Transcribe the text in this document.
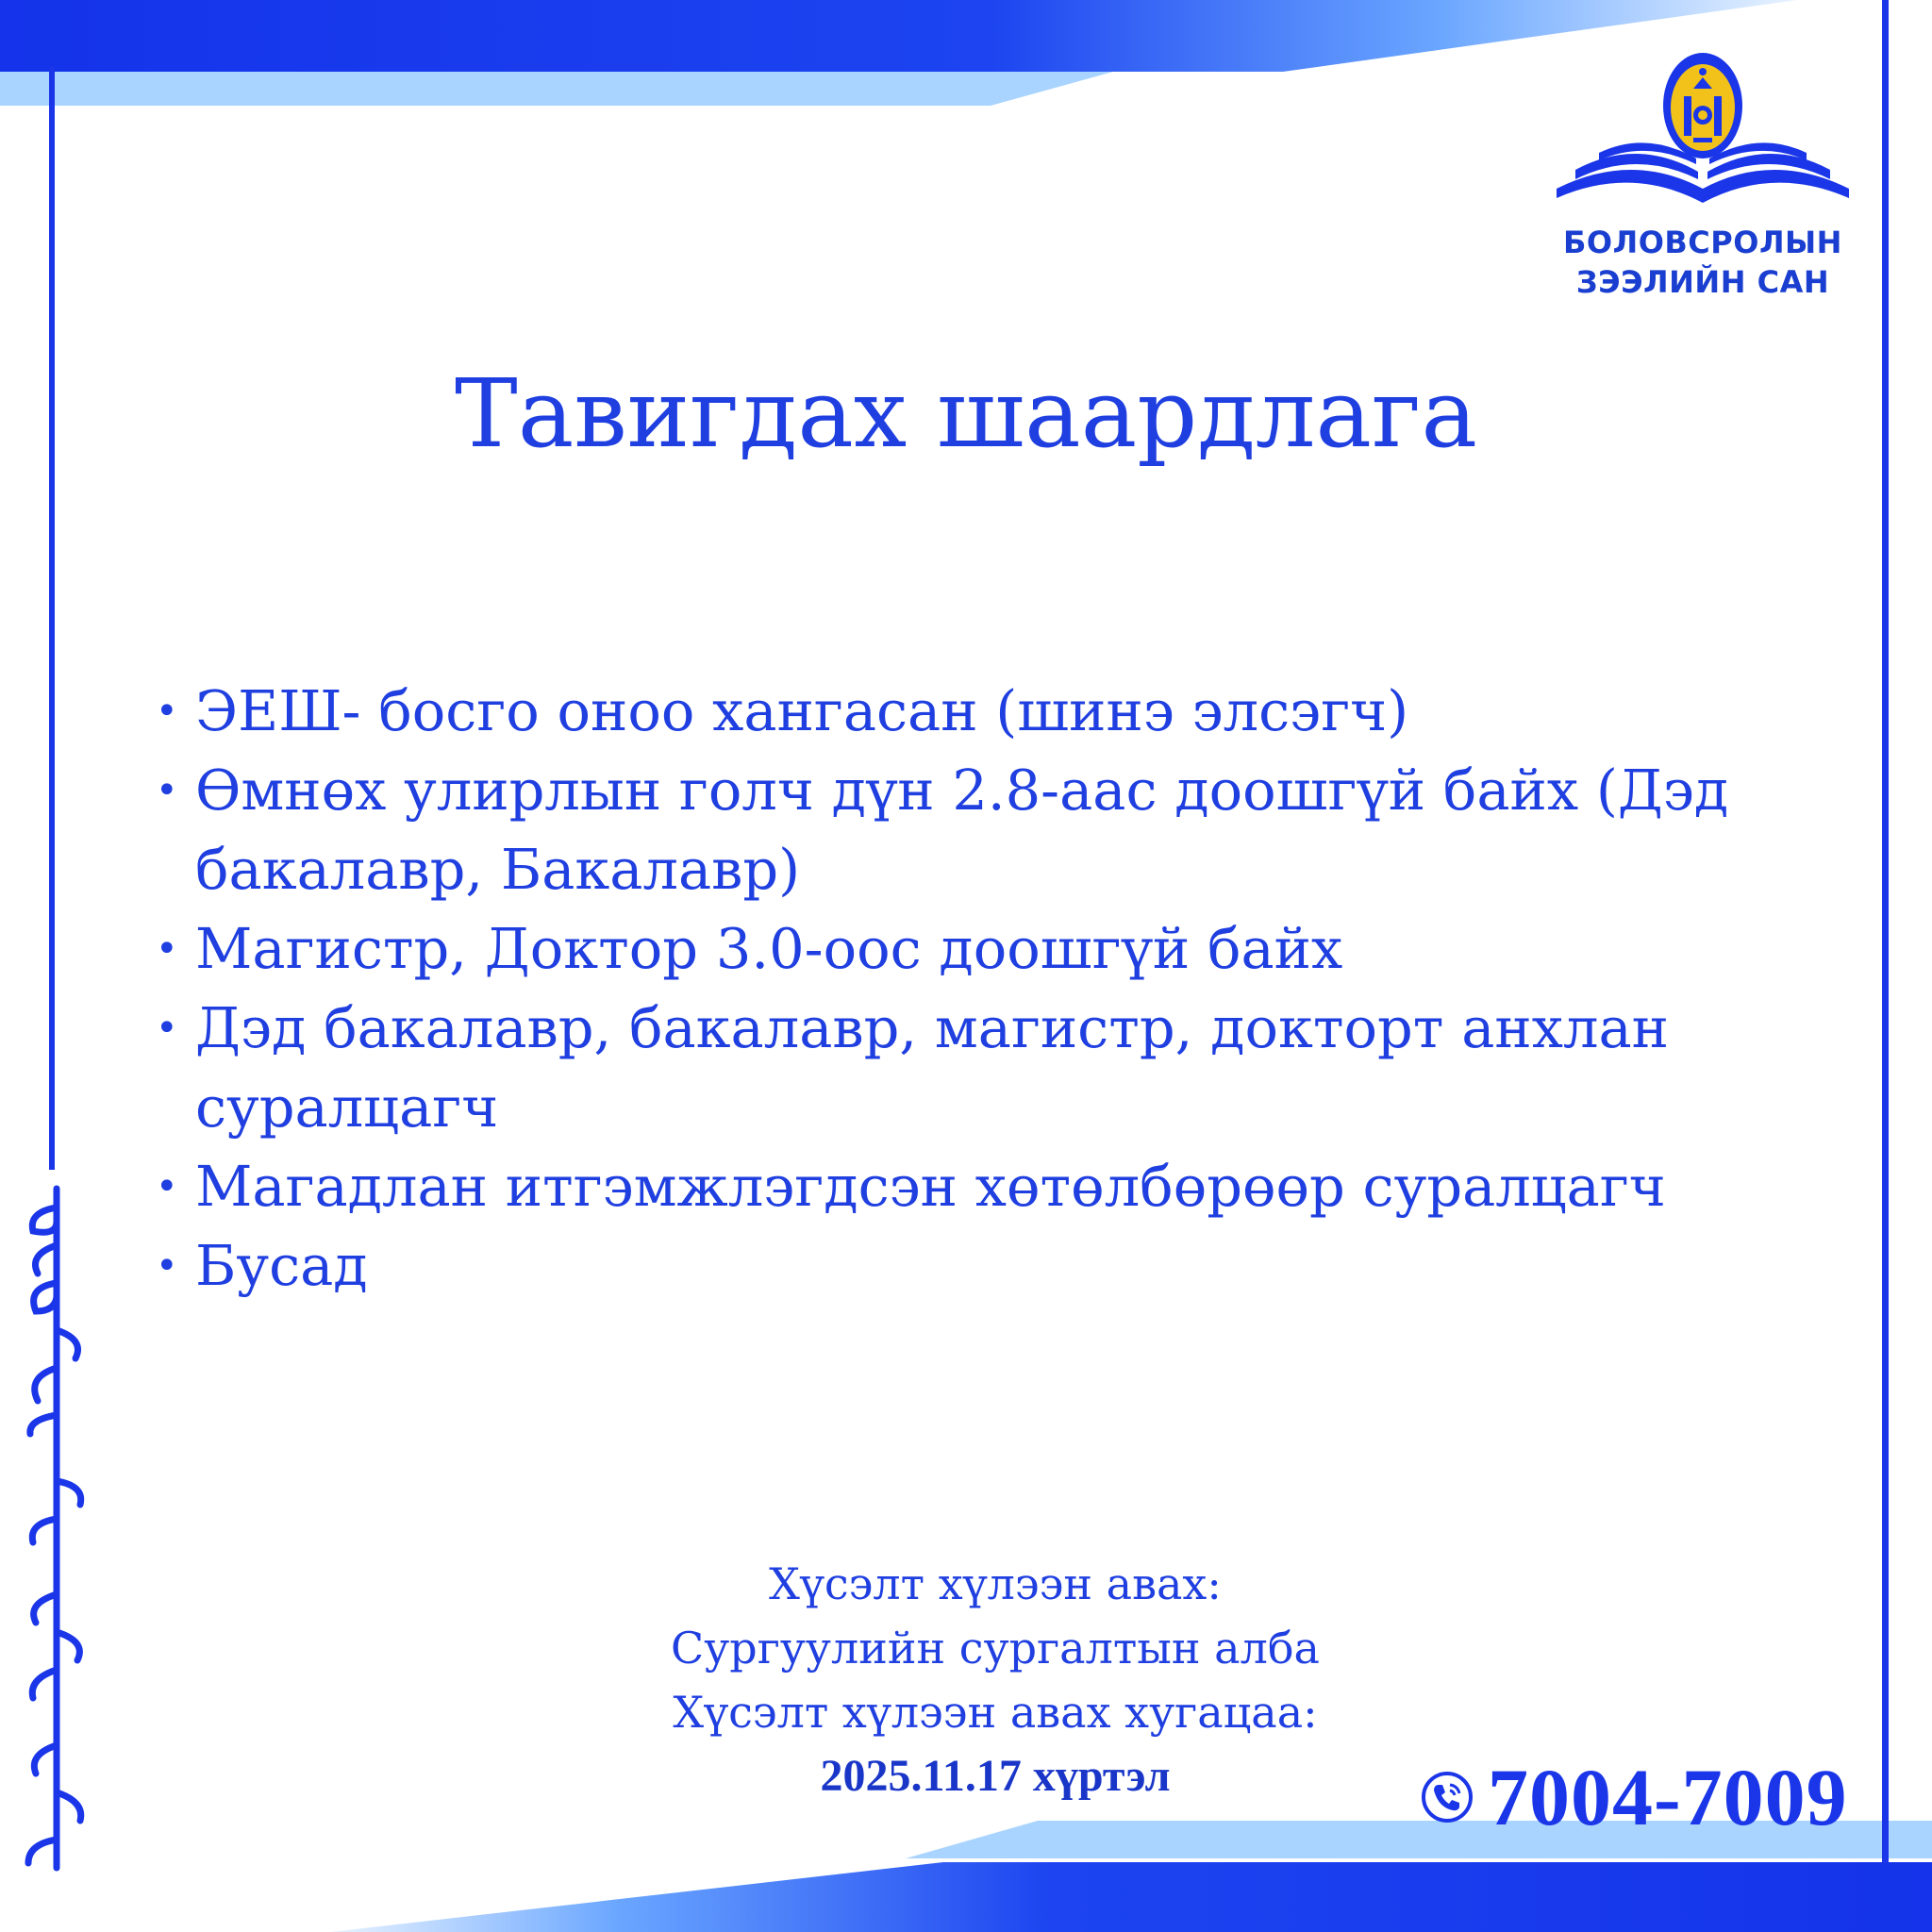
БОЛОВСРОЛЫН
ЗЭЭЛИЙН САН
Тавигдах шаардлага
• ЭЕШ- босго оноо хангасан (шинэ элсэгч)
• Өмнөх улирлын голч дүн 2.8-аас доошгүй байх (Дэд бакалавр, Бакалавр)
• Магистр, Доктор 3.0-оос доошгүй байх
• Дэд бакалавр, бакалавр, магистр, докторт анхлан суралцагч
• Магадлан итгэмжлэгдсэн хөтөлбөрөөр суралцагч
• Бусад
Хүсэлт хүлээн авах:
Сургуулийн сургалтын алба
Хүсэлт хүлээн авах хугацаа:
2025.11.17 хүртэл	7004-7009
